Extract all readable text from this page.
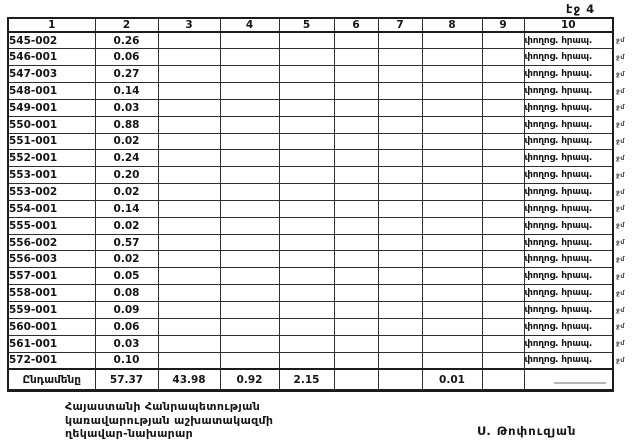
էջ 4
1	2	3	4	5	6	7	8	9	10
545-002	0.26								փողոց. հրապ.
546-001	0.06								փողոց. հրապ.
547-003	0.27								փողոց. հրապ.
548-001	0.14								փողոց. հրապ.
549-001	0.03								փողոց. հրապ.
550-001	0.88								փողոց. հրապ.
551-001	0.02								փողոց. հրապ.
552-001	0.24								փողոց. հրապ.
553-001	0.20								փողոց. հրապ.
553-002	0.02								փողոց. հրապ.
554-001	0.14								փողոց. հրապ.
555-001	0.02								փողոց. հրապ.
556-002	0.57								փողոց. հրապ.
556-003	0.02								փողոց. հրապ.
557-001	0.05								փողոց. հրապ.
558-001	0.08								փողոց. հրապ.
559-001	0.09								փողոց. հրապ.
560-001	0.06								փողոց. հրապ.
561-001	0.03								փողոց. հրապ.
572-001	0.10								փողոց. հրապ.
Ընդամենը	57.37	43.98	0.92	2.15			0.01		
ջմ
ջմ
ջմ
ջմ
ջմ
ջմ
ջմ
ջմ
ջմ
ջմ
ջմ
ջմ
ջմ
ջմ
ջմ
ջմ
ջմ
ջմ
ջմ
ջմ
Հայաստանի Հանրապետության
կառավարության աշխատակազմի
ղեկավար-նախարար	Ս. Թոփուզյան
